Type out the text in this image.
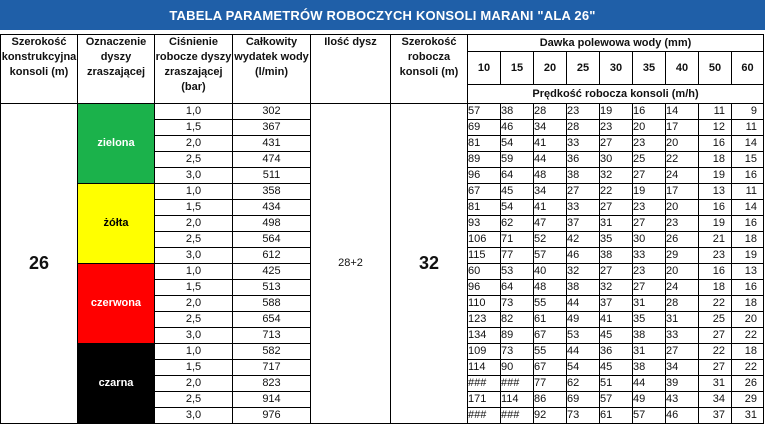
TABELA PARAMETRÓW ROBOCZYCH KONSOLI MARANI "ALA 26"
Szerokość konstrukcyjna konsoli (m)	Oznaczenie dyszy zraszającej	Ciśnienie robocze dyszy zraszającej (bar)	Całkowity wydatek wody (l/min)	Ilość dysz	Szerokość robocza konsoli (m)	Dawka polewowa wody (mm)								
						10	15	20	25	30	35	40	50	60
						Prędkość robocza konsoli (m/h)								
26	zielona	1,0	302	28+2	32	57	38	28	23	19	16	14	11	9
		1,5	367			69	46	34	28	23	20	17	12	11
		2,0	431			81	54	41	33	27	23	20	16	14
		2,5	474			89	59	44	36	30	25	22	18	15
		3,0	511			96	64	48	38	32	27	24	19	16
	żółta	1,0	358			67	45	34	27	22	19	17	13	11
		1,5	434			81	54	41	33	27	23	20	16	14
		2,0	498			93	62	47	37	31	27	23	19	16
		2,5	564			106	71	52	42	35	30	26	21	18
		3,0	612			115	77	57	46	38	33	29	23	19
	czerwona	1,0	425			60	53	40	32	27	23	20	16	13
		1,5	513			96	64	48	38	32	27	24	18	16
		2,0	588			110	73	55	44	37	31	28	22	18
		2,5	654			123	82	61	49	41	35	31	25	20
		3,0	713			134	89	67	53	45	38	33	27	22
	czarna	1,0	582			109	73	55	44	36	31	27	22	18
		1,5	717			114	90	67	54	45	38	34	27	22
		2,0	823			###	###	77	62	51	44	39	31	26
		2,5	914			171	114	86	69	57	49	43	34	29
		3,0	976			###	###	92	73	61	57	46	37	31
